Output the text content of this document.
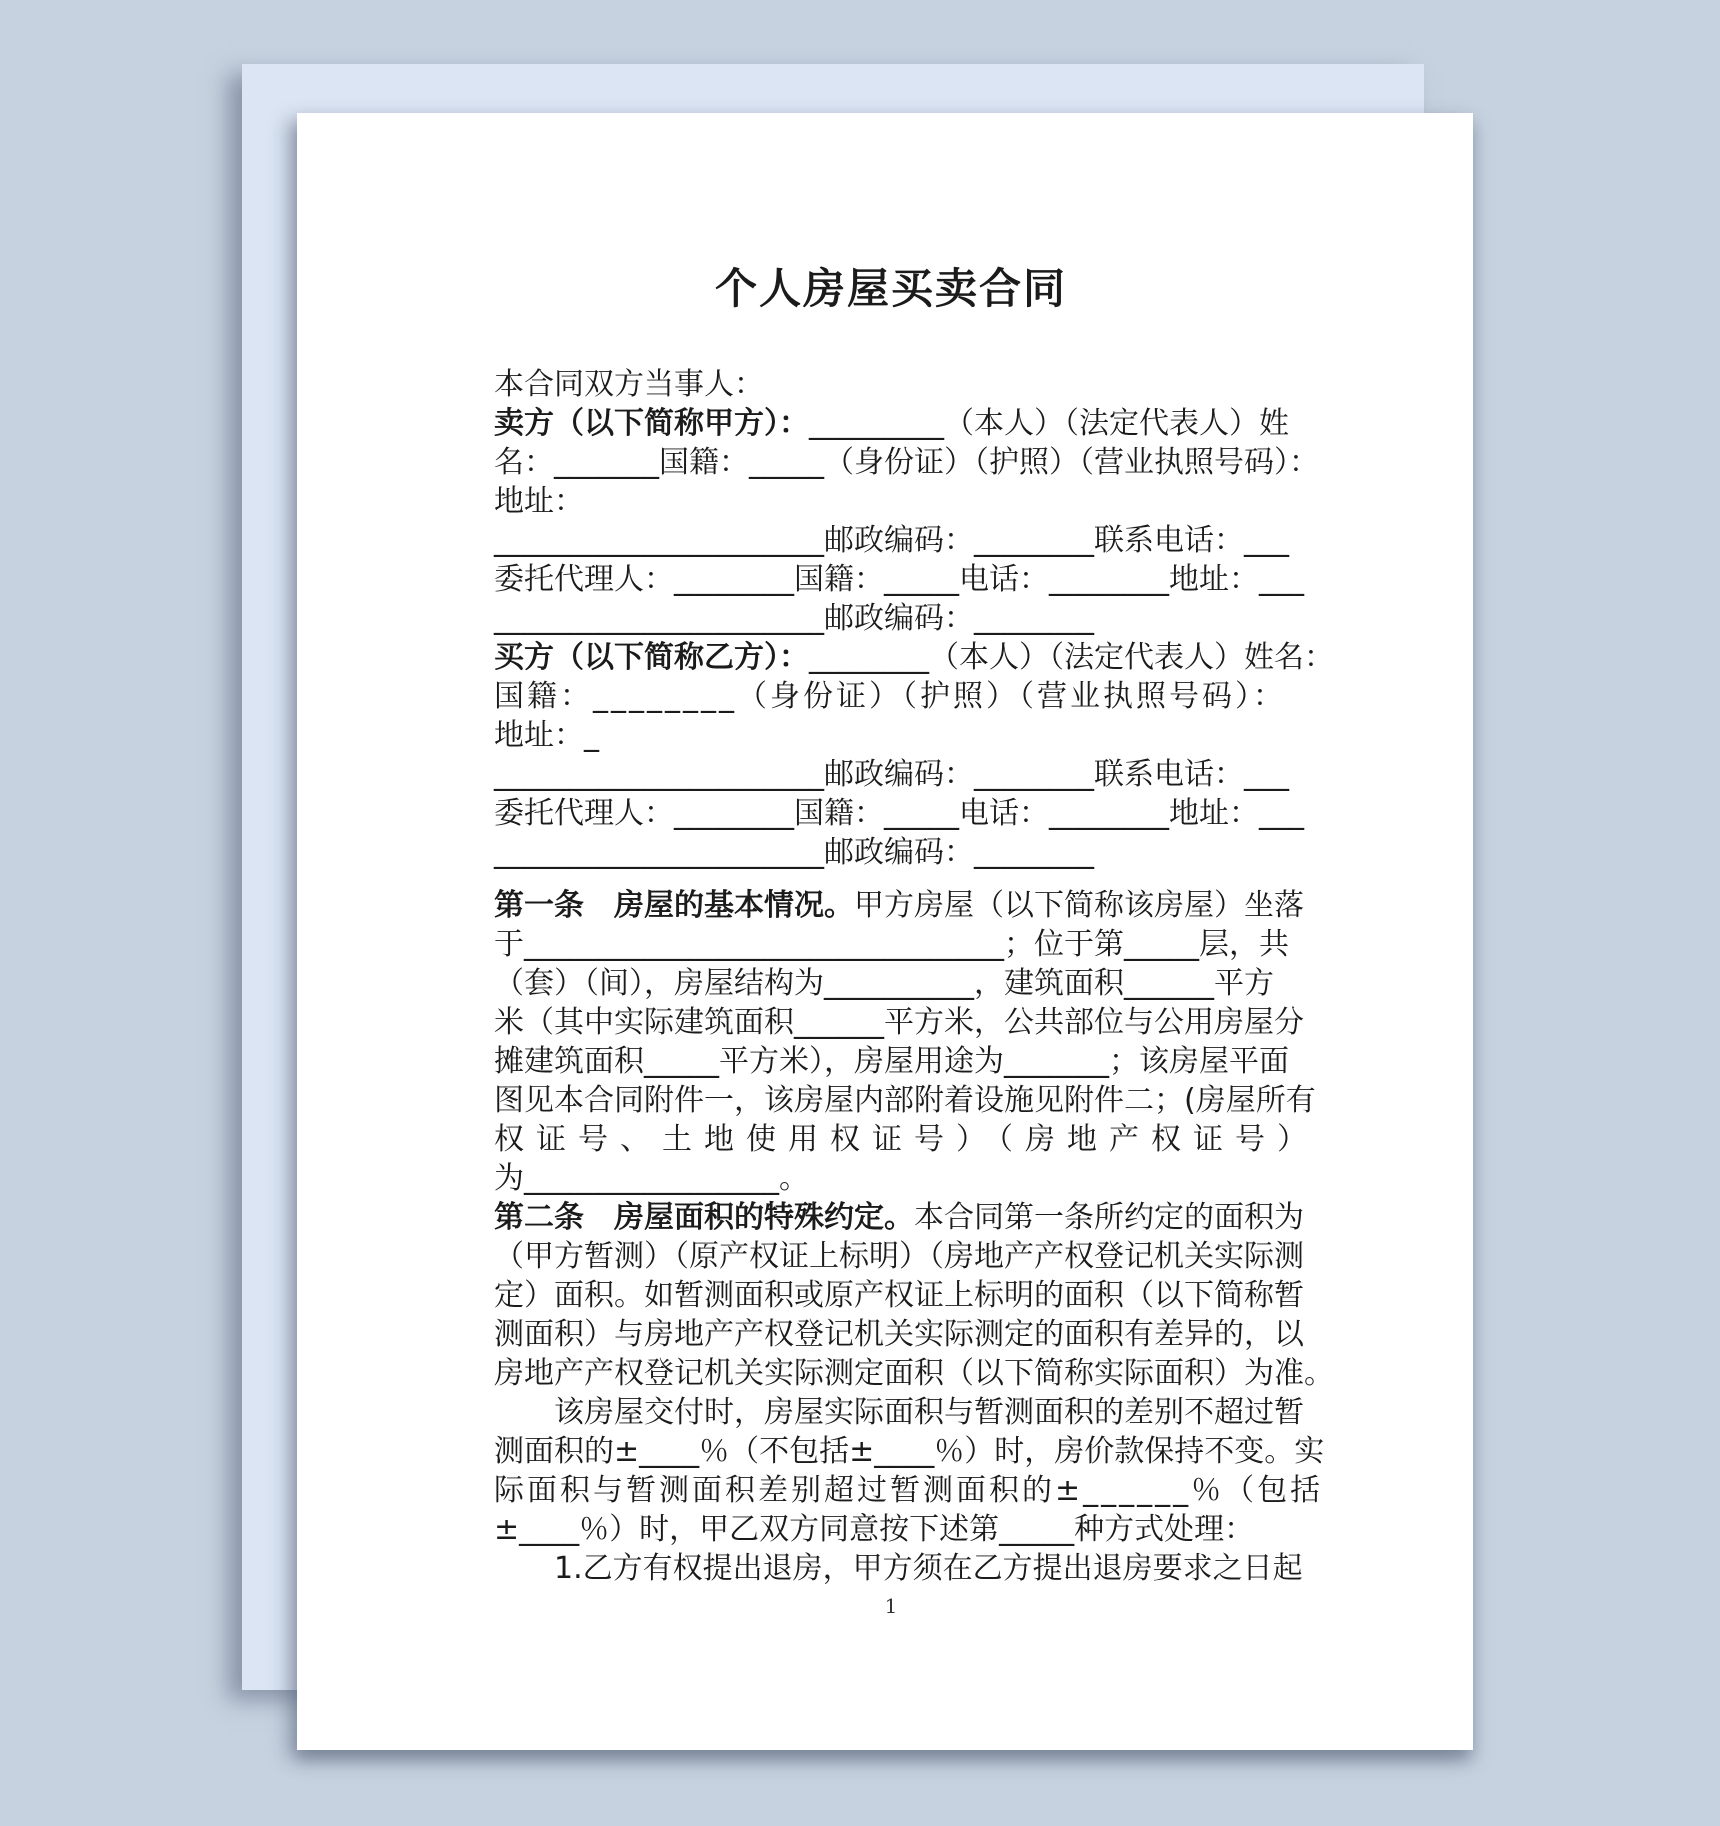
个人房屋买卖合同
本合同双方当事人：
卖方（以下简称甲方）：_________（本人）（法定代表人）姓
名：_______国籍：_____（身份证）（护照）（营业执照号码）：
地址：
______________________邮政编码：________联系电话：___
委托代理人：________国籍：_____电话：________地址：___
______________________邮政编码：________
买方（以下简称乙方）：________（本人）（法定代表人）姓名：
国籍：________（身份证）（护照）（营业执照号码）：
地址：_
______________________邮政编码：________联系电话：___
委托代理人：________国籍：_____电话：________地址：___
______________________邮政编码：________
第一条　房屋的基本情况。甲方房屋（以下简称该房屋）坐落
于________________________________；位于第_____层，共
（套）（间），房屋结构为__________，建筑面积______平方
米（其中实际建筑面积______平方米，公共部位与公用房屋分
摊建筑面积_____平方米），房屋用途为_______；该房屋平面
图见本合同附件一，该房屋内部附着设施见附件二；(房屋所有
权证号、土地使用权证号）（房地产权证号）
为_________________。
第二条　房屋面积的特殊约定。本合同第一条所约定的面积为
（甲方暂测）（原产权证上标明）（房地产产权登记机关实际测
定）面积。如暂测面积或原产权证上标明的面积（以下简称暂
测面积）与房地产产权登记机关实际测定的面积有差异的，以
房地产产权登记机关实际测定面积（以下简称实际面积）为准。
该房屋交付时，房屋实际面积与暂测面积的差别不超过暂
测面积的±____％（不包括±____％）时，房价款保持不变。实
际面积与暂测面积差别超过暂测面积的±______％（包括
±____％）时，甲乙双方同意按下述第_____种方式处理：
1.乙方有权提出退房，甲方须在乙方提出退房要求之日起
1
